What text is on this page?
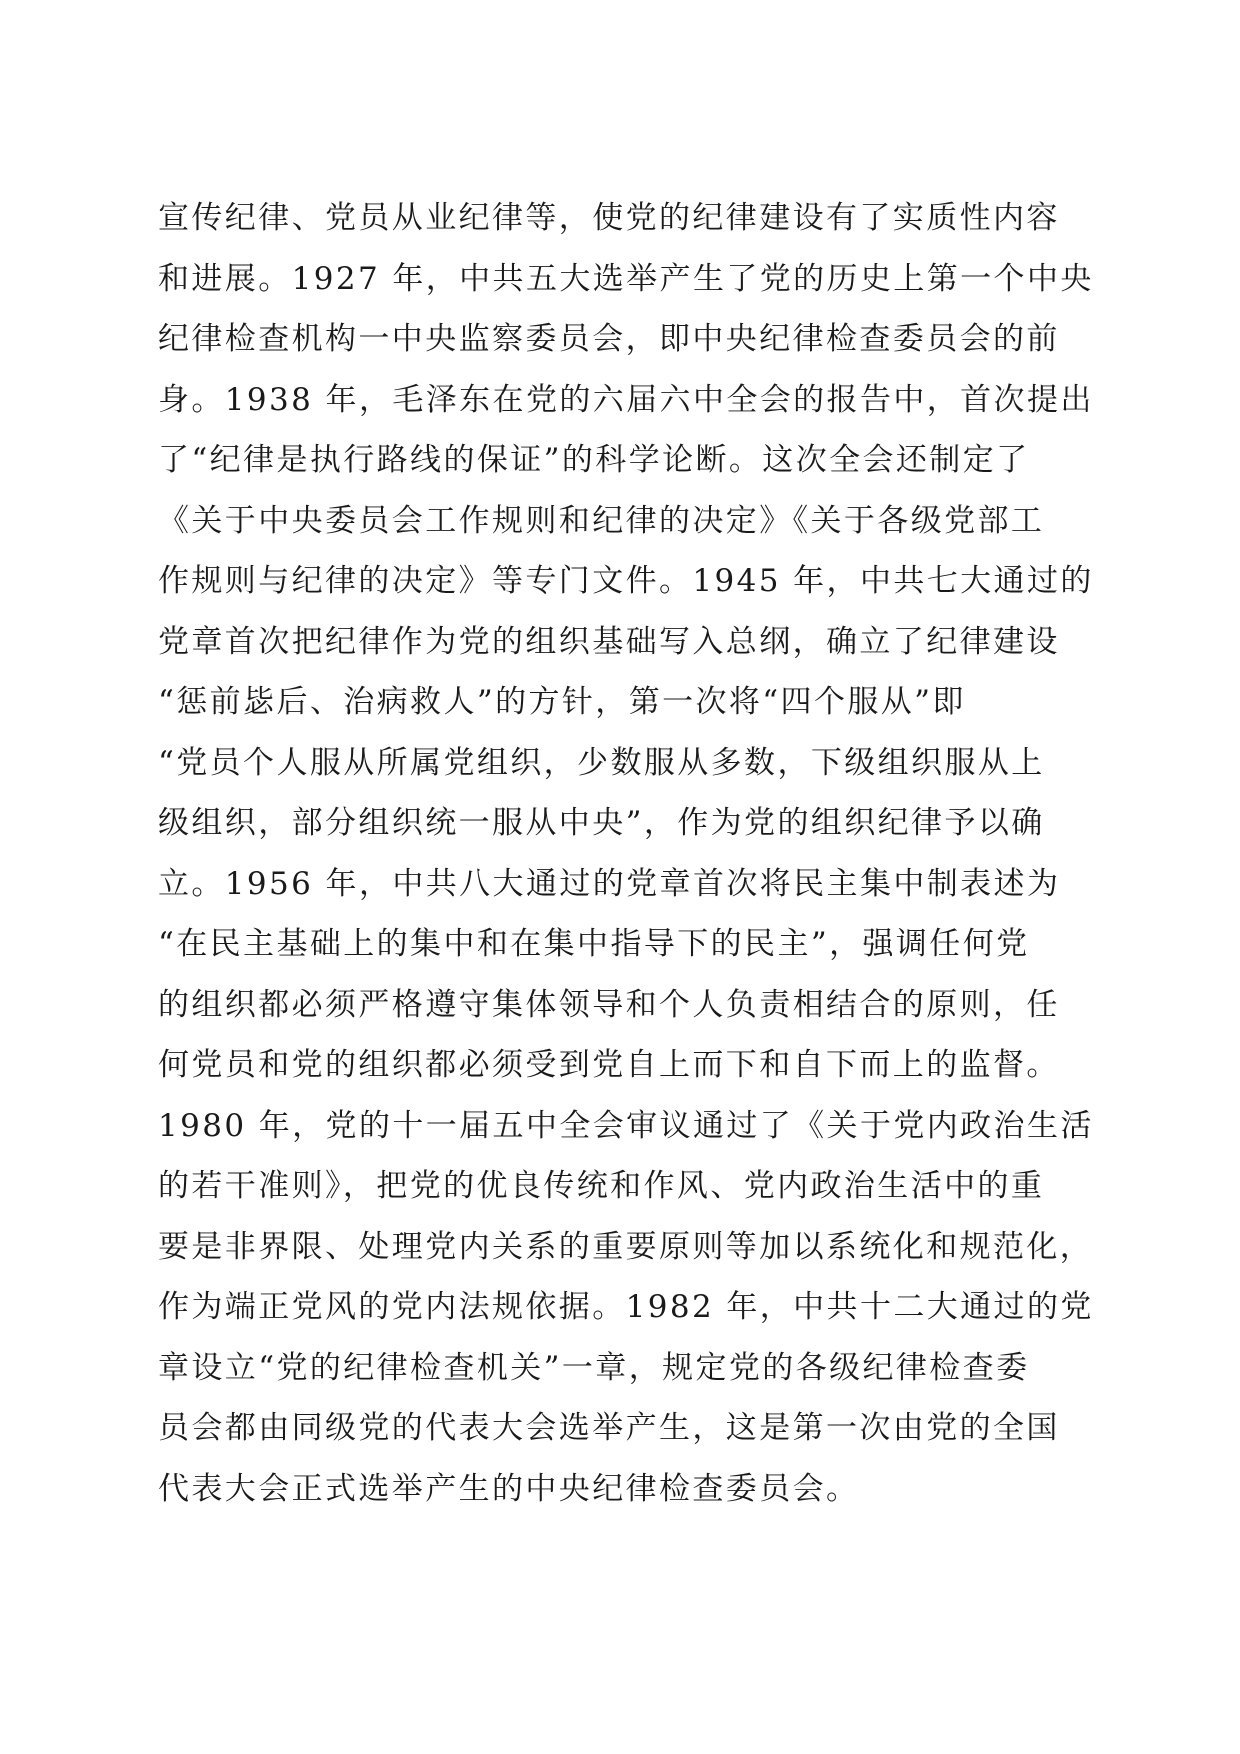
宣传纪律、党员从业纪律等，使党的纪律建设有了实质性内容
和进展。1927 年，中共五大选举产生了党的历史上第一个中央
纪律检查机构一中央监察委员会，即中央纪律检查委员会的前
身。1938 年，毛泽东在党的六届六中全会的报告中，首次提出
了“纪律是执行路线的保证”的科学论断。这次全会还制定了
《关于中央委员会工作规则和纪律的决定》《关于各级党部工
作规则与纪律的决定》等专门文件。1945 年，中共七大通过的
党章首次把纪律作为党的组织基础写入总纲，确立了纪律建设
“惩前毖后、治病救人”的方针，第一次将“四个服从”即
“党员个人服从所属党组织，少数服从多数，下级组织服从上
级组织，部分组织统一服从中央”，作为党的组织纪律予以确
立。1956 年，中共八大通过的党章首次将民主集中制表述为
“在民主基础上的集中和在集中指导下的民主”，强调任何党
的组织都必须严格遵守集体领导和个人负责相结合的原则，任
何党员和党的组织都必须受到党自上而下和自下而上的监督。
1980 年，党的十一届五中全会审议通过了《关于党内政治生活
的若干准则》，把党的优良传统和作风、党内政治生活中的重
要是非界限、处理党内关系的重要原则等加以系统化和规范化，
作为端正党风的党内法规依据。1982 年，中共十二大通过的党
章设立“党的纪律检查机关”一章，规定党的各级纪律检查委
员会都由同级党的代表大会选举产生，这是第一次由党的全国
代表大会正式选举产生的中央纪律检查委员会。
